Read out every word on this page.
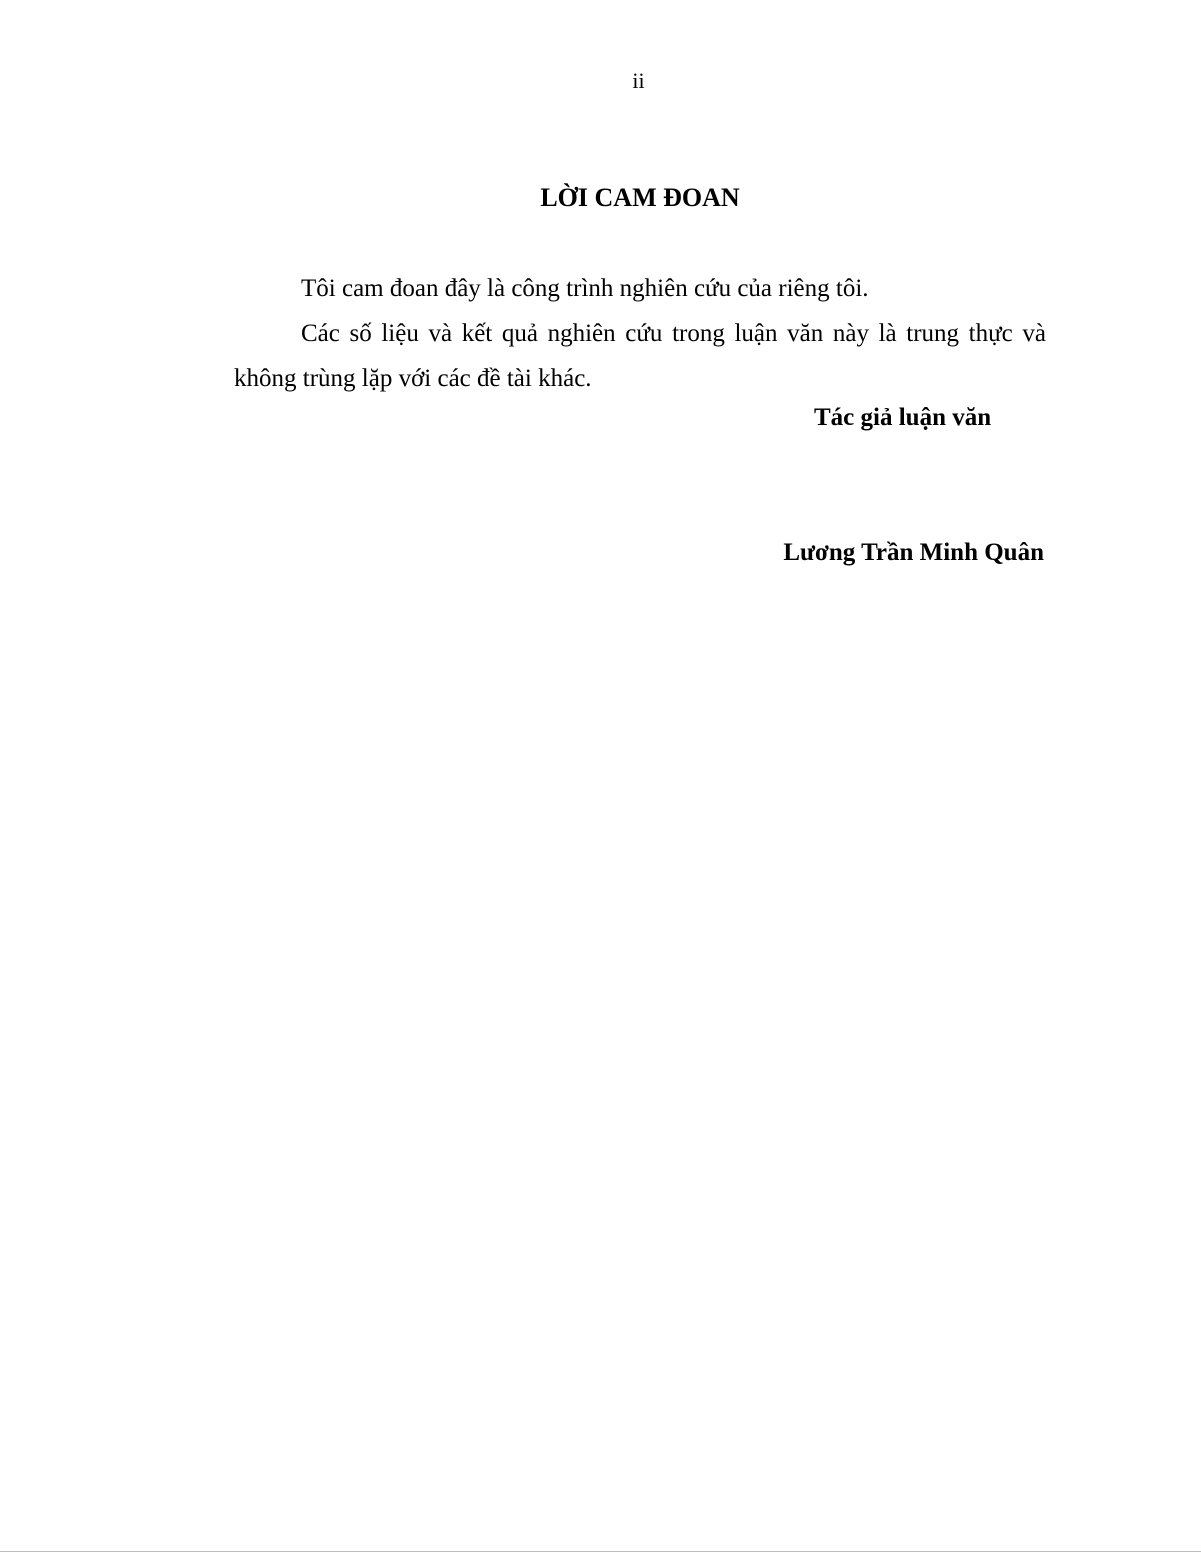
ii
LỜI CAM ĐOAN

Tôi cam đoan đây là công trình nghiên cứu của riêng tôi.

Các số liệu và kết quả nghiên cứu trong luận văn này là trung thực và không trùng lặp với các đề tài khác.

Tác giả luận văn
Lương Trần Minh Quân
